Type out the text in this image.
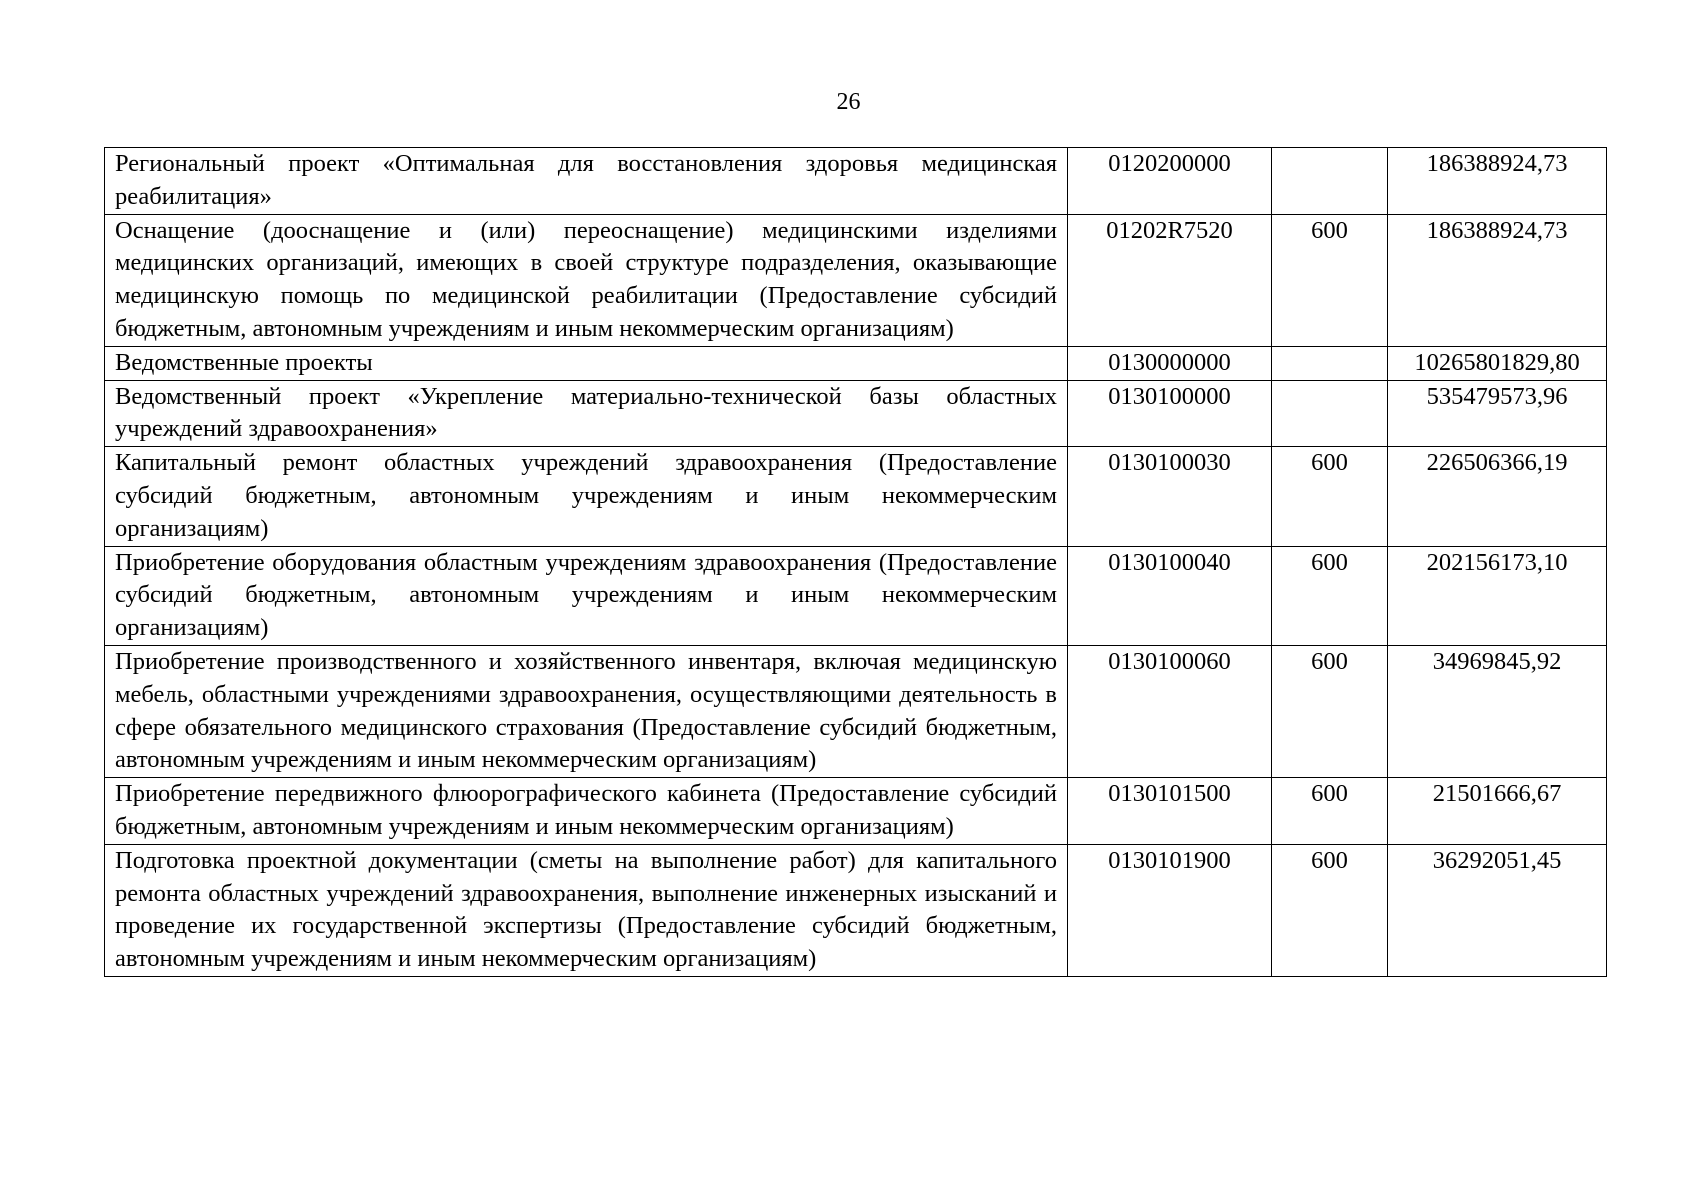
26
Региональный проект «Оптимальная для восстановления здоровья медицинская реабилитация»	0120200000		186388924,73
Оснащение (дооснащение и (или) переоснащение) медицинскими изделиями медицинских организаций, имеющих в своей структуре подразделения, оказывающие медицинскую помощь по медицинской реабилитации (Предоставление субсидий бюджетным, автономным учреждениям и иным некоммерческим организациям)	01202R7520	600	186388924,73
Ведомственные проекты	0130000000		10265801829,80
Ведомственный проект «Укрепление материально-технической базы областных учреждений здравоохранения»	0130100000		535479573,96
Капитальный ремонт областных учреждений здравоохранения (Предоставление субсидий бюджетным, автономным учреждениям и иным некоммерческим организациям)	0130100030	600	226506366,19
Приобретение оборудования областным учреждениям здравоохранения (Предоставление субсидий бюджетным, автономным учреждениям и иным некоммерческим организациям)	0130100040	600	202156173,10
Приобретение производственного и хозяйственного инвентаря, включая медицинскую мебель, областными учреждениями здравоохранения, осуществляющими деятельность в сфере обязательного медицинского страхования (Предоставление субсидий бюджетным, автономным учреждениям и иным некоммерческим организациям)	0130100060	600	34969845,92
Приобретение передвижного флюорографического кабинета (Предоставление субсидий бюджетным, автономным учреждениям и иным некоммерческим организациям)	0130101500	600	21501666,67
Подготовка проектной документации (сметы на выполнение работ) для капитального ремонта областных учреждений здравоохранения, выполнение инженерных изысканий и проведение их государственной экспертизы (Предоставление субсидий бюджетным, автономным учреждениям и иным некоммерческим организациям)	0130101900	600	36292051,45
